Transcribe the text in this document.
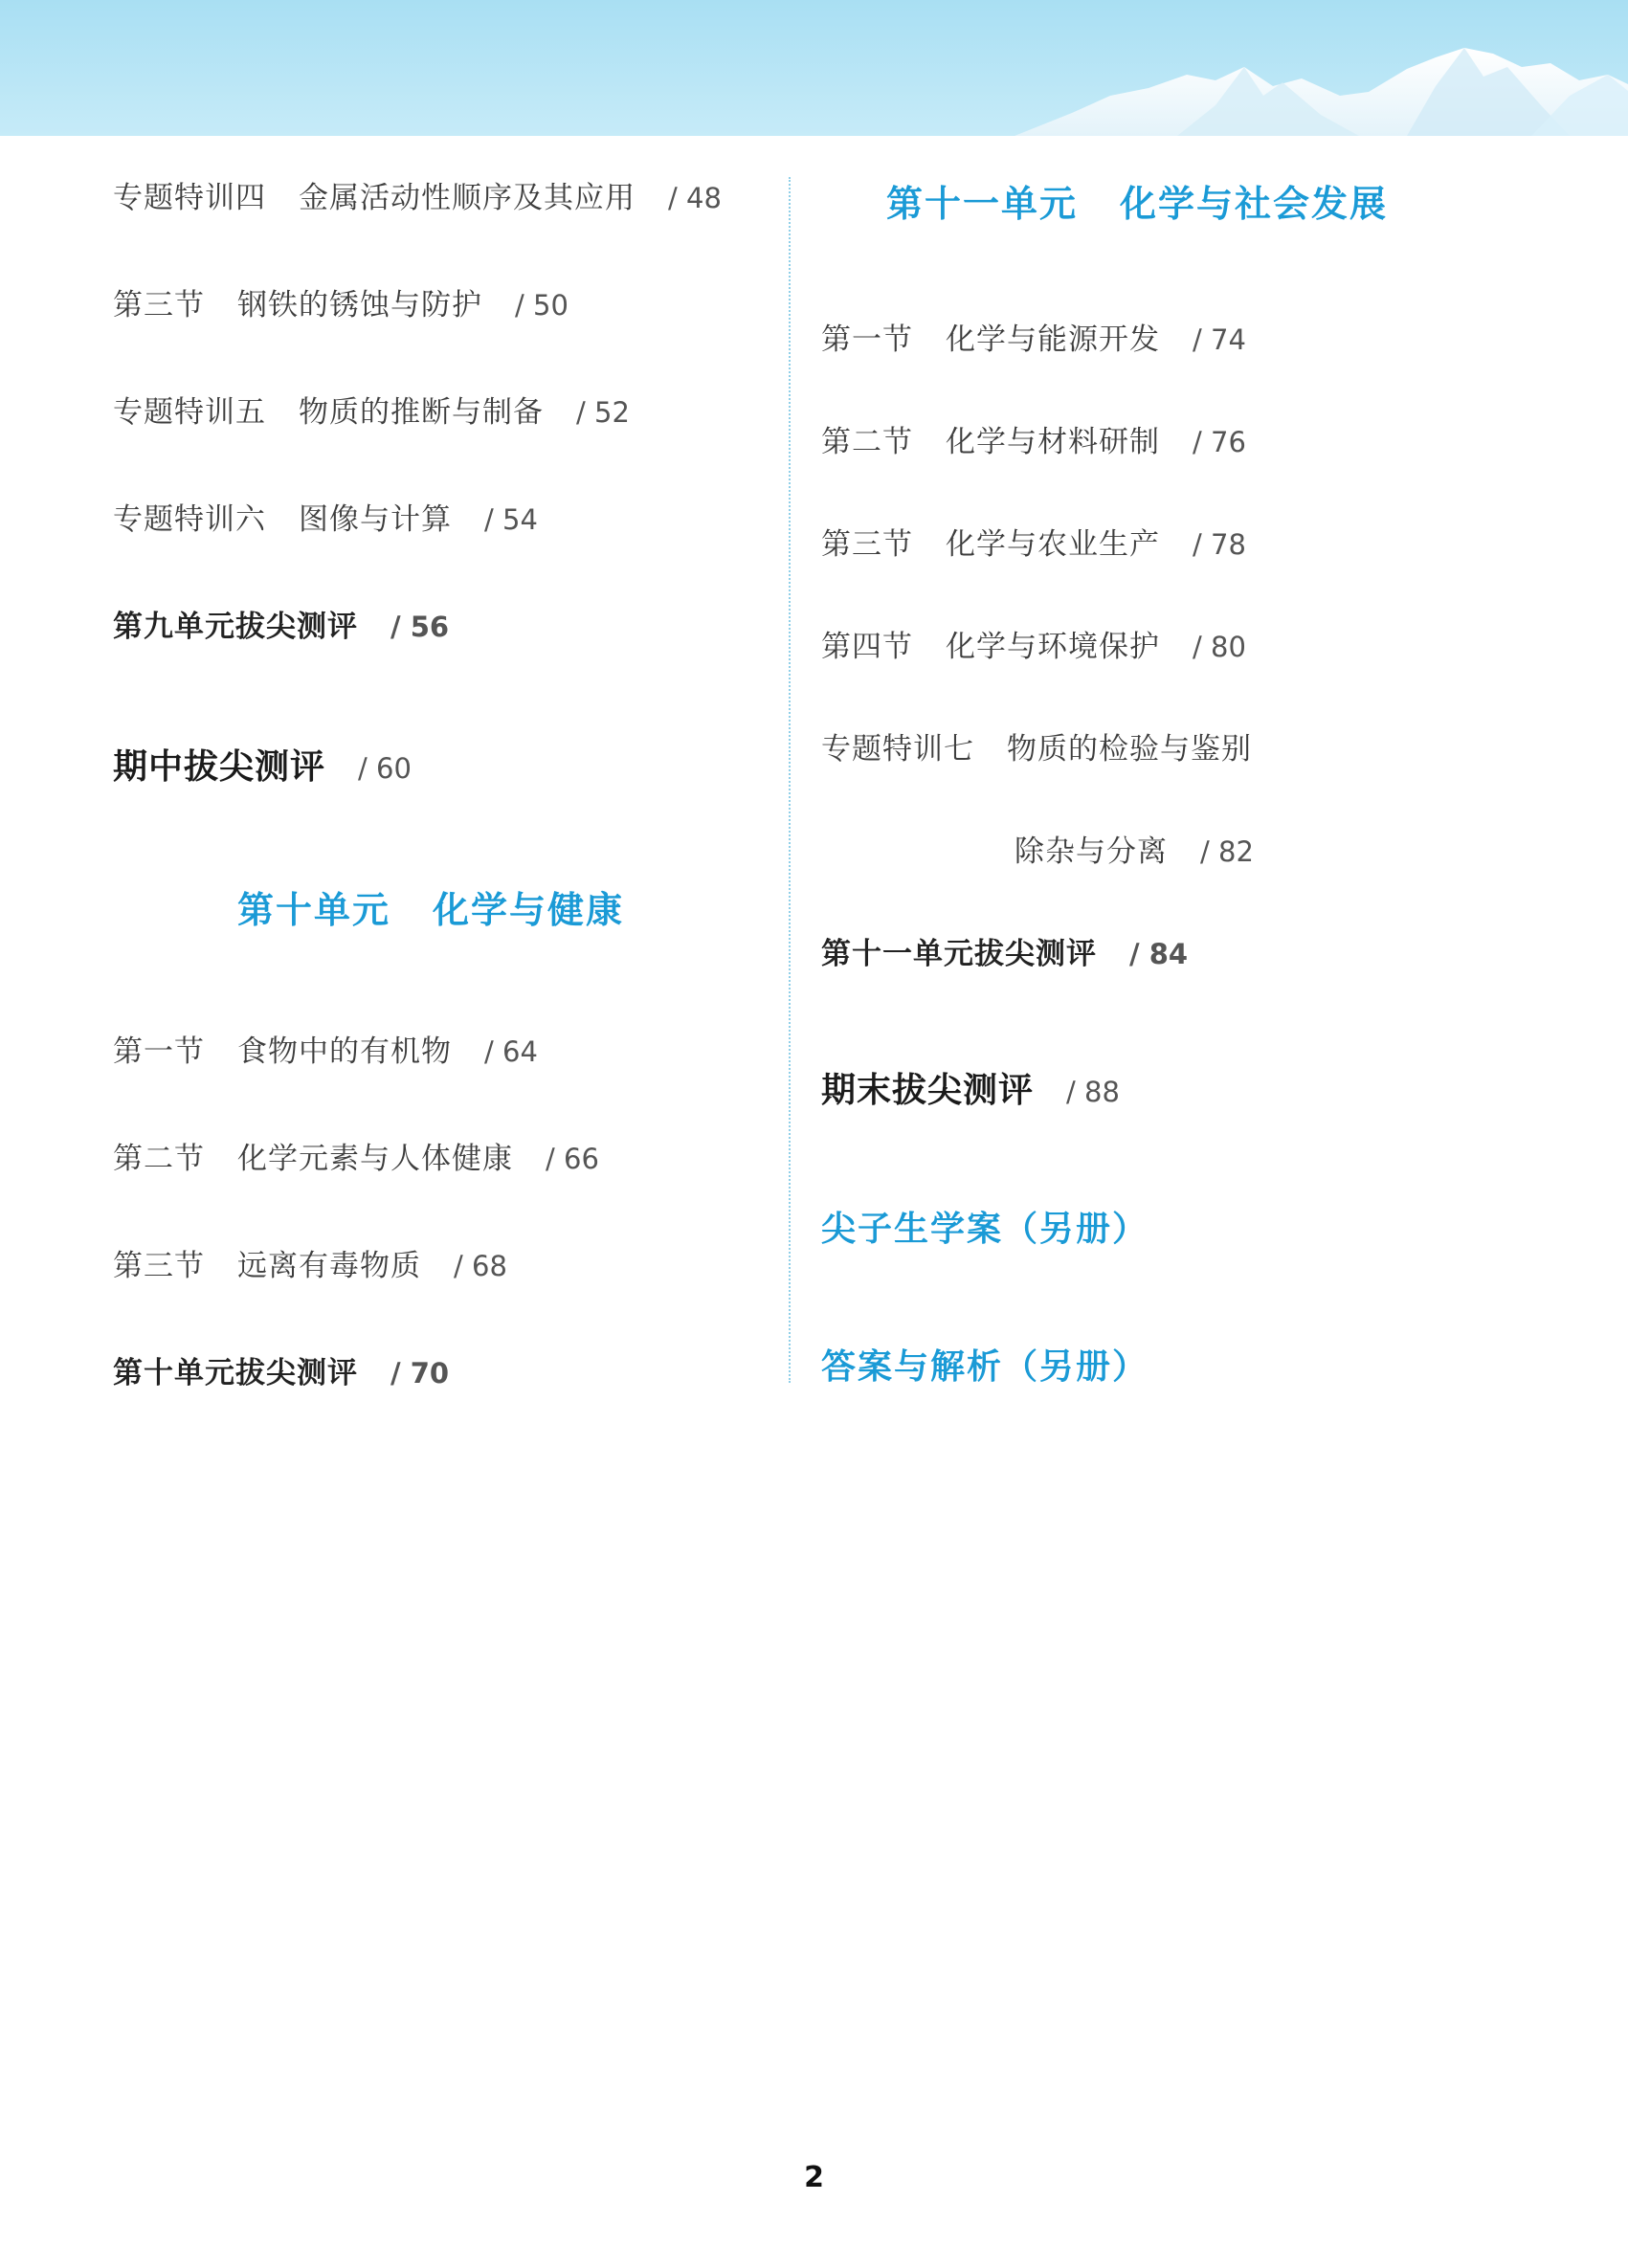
专题特训四 金属活动性顺序及其应用 / 48
第三节 钢铁的锈蚀与防护 / 50
专题特训五 物质的推断与制备 / 52
专题特训六 图像与计算 / 54
第九单元拔尖测评 / 56
期中拔尖测评 / 60
第十单元 化学与健康
第一节 食物中的有机物 / 64
第二节 化学元素与人体健康 / 66
第三节 远离有毒物质 / 68
第十单元拔尖测评 / 70
第十一单元 化学与社会发展
第一节 化学与能源开发 / 74
第二节 化学与材料研制 / 76
第三节 化学与农业生产 / 78
第四节 化学与环境保护 / 80
专题特训七 物质的检验与鉴别
除杂与分离 / 82
第十一单元拔尖测评 / 84
期末拔尖测评 / 88
尖子生学案（另册）
答案与解析（另册）
2
